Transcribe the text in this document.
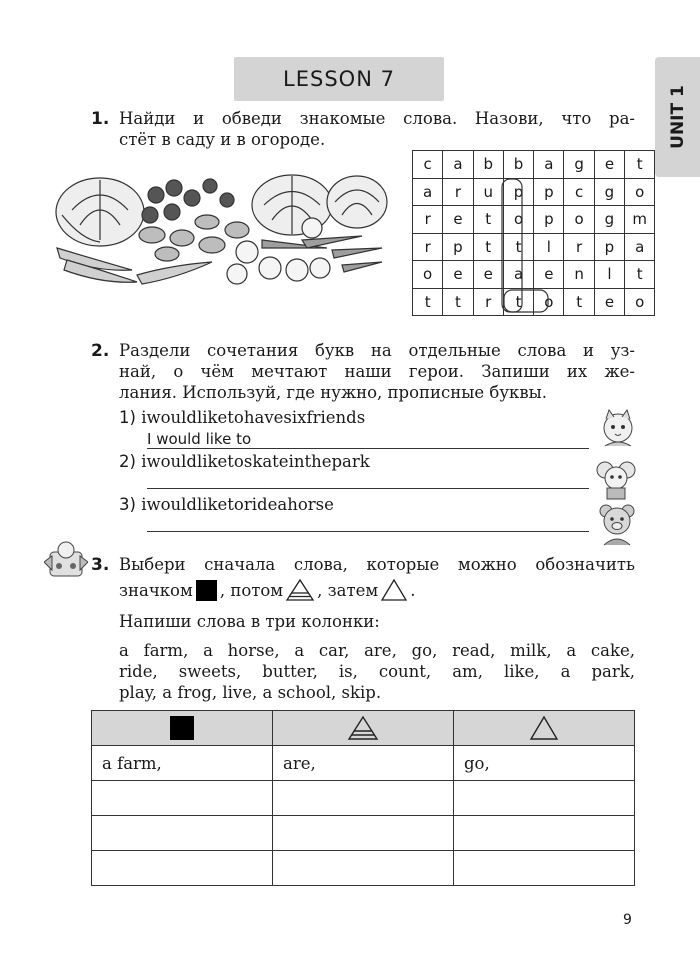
LESSON 7
UNIT 1
1. Найди и обведи знакомые слова. Назови, что ра-
стёт в саду и в огороде.
c	a	b	b	a	g	e	t
a	r	u	p	p	c	g	o
r	e	t	o	p	o	g	m
r	p	t	t	l	r	p	a
o	e	e	a	e	n	l	t
t	t	r	t	o	t	e	o
2. Раздели сочетания букв на отдельные слова и уз-
най, о чём мечтают наши герои. Запиши их же-
лания. Используй, где нужно, прописные буквы.
1) iwouldliketohavesixfriends
I would like to
2) iwouldliketoskateinthepark
3) iwouldliketorideahorse
3. Выбери сначала слова, которые можно обозначить
значком , потом , затем .
Напиши слова в три колонки:
a farm, a horse, a car, are, go, read, milk, a cake,
ride, sweets, butter, is, count, am, like, a park,
play, a frog, live, a school, skip.

a farm,	are,	go,

9
